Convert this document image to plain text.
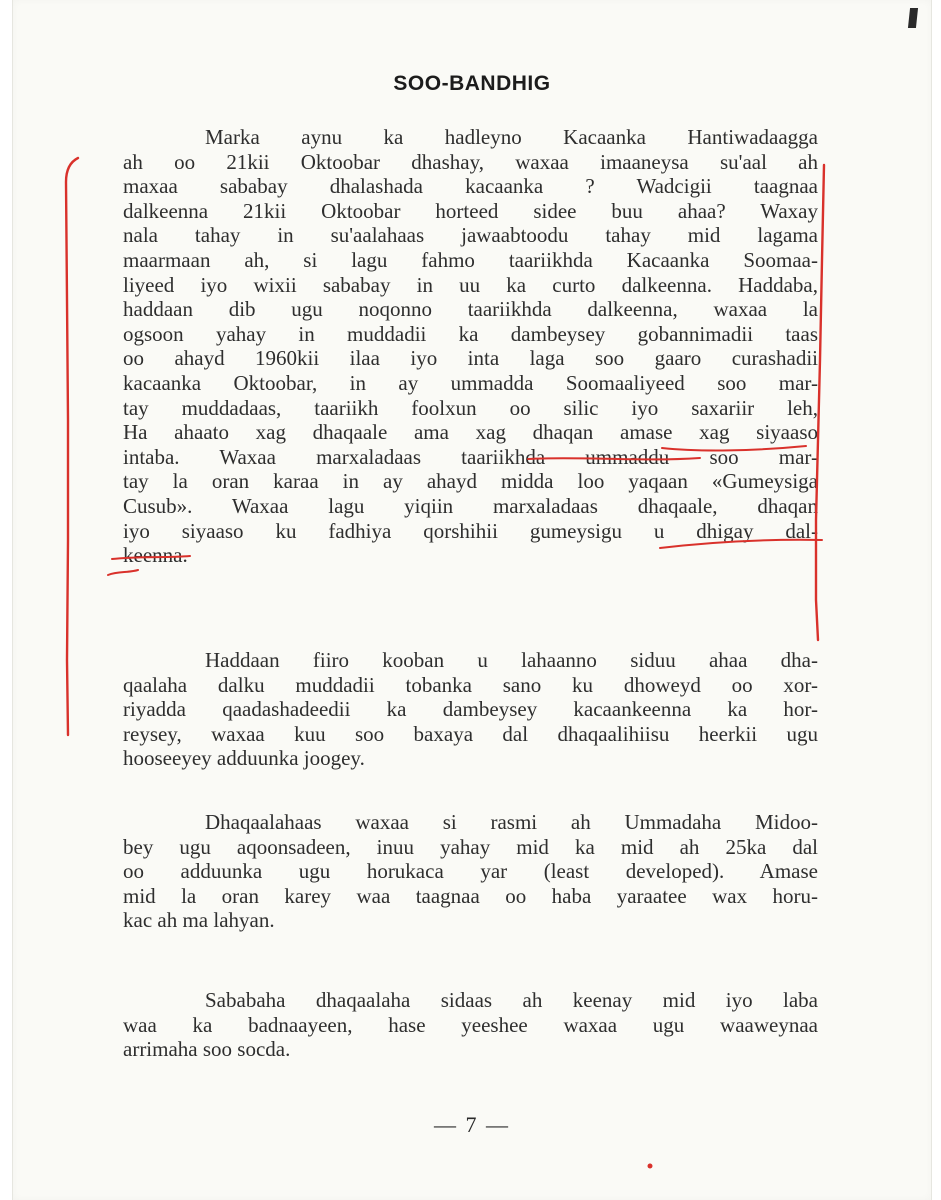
SOO-BANDHIG
Marka aynu ka hadleyno Kacaanka Hantiwadaagga
ah oo 21kii Oktoobar dhashay, waxaa imaaneysa su'aal ah
maxaa sababay dhalashada kacaanka ? Wadcigii taagnaa
dalkeenna 21kii Oktoobar horteed sidee buu ahaa? Waxay
nala tahay in su'aalahaas jawaabtoodu tahay mid lagama
maarmaan ah, si lagu fahmo taariikhda Kacaanka Soomaa-
liyeed iyo wixii sababay in uu ka curto dalkeenna. Haddaba,
haddaan dib ugu noqonno taariikhda dalkeenna, waxaa la
ogsoon yahay in muddadii ka dambeysey gobannimadii taas
oo ahayd 1960kii ilaa iyo inta laga soo gaaro curashadii
kacaanka Oktoobar, in ay ummadda Soomaaliyeed soo mar-
tay muddadaas, taariikh foolxun oo silic iyo saxariir leh,
Ha ahaato xag dhaqaale ama xag dhaqan amase xag siyaaso
intaba. Waxaa marxaladaas taariikhda ummaddu soo mar-
tay la oran karaa in ay ahayd midda loo yaqaan «Gumeysiga
Cusub». Waxaa lagu yiqiin marxaladaas dhaqaale, dhaqan
iyo siyaaso ku fadhiya qorshihii gumeysigu u dhigay dal-
keenna.
Haddaan fiiro kooban u lahaanno siduu ahaa dha-
qaalaha dalku muddadii tobanka sano ku dhoweyd oo xor-
riyadda qaadashadeedii ka dambeysey kacaankeenna ka hor-
reysey, waxaa kuu soo baxaya dal dhaqaalihiisu heerkii ugu
hooseeyey adduunka joogey.
Dhaqaalahaas waxaa si rasmi ah Ummadaha Midoo-
bey ugu aqoonsadeen, inuu yahay mid ka mid ah 25ka dal
oo adduunka ugu horukaca yar (least developed). Amase
mid la oran karey waa taagnaa oo haba yaraatee wax horu-
kac ah ma lahyan.
Sababaha dhaqaalaha sidaas ah keenay mid iyo laba
waa ka badnaayeen, hase yeeshee waxaa ugu waaweynaa
arrimaha soo socda.
— 7 —
